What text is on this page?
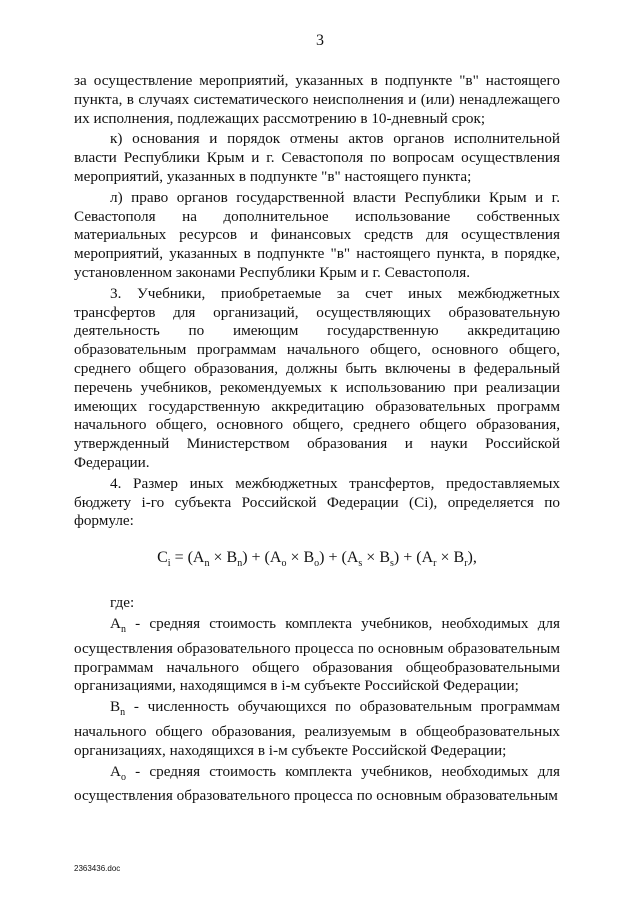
3

за осуществление мероприятий, указанных в подпункте "в" настоящего пункта, в случаях систематического неисполнения и (или) ненадлежащего их исполнения, подлежащих рассмотрению в 10-дневный срок;

к) основания и порядок отмены актов органов исполнительной власти Республики Крым и г. Севастополя по вопросам осуществления мероприятий, указанных в подпункте "в" настоящего пункта;

л) право органов государственной власти Республики Крым и г. Севастополя на дополнительное использование собственных материальных ресурсов и финансовых средств для осуществления мероприятий, указанных в подпункте "в" настоящего пункта, в порядке, установленном законами Республики Крым и г. Севастополя.

3. Учебники, приобретаемые за счет иных межбюджетных трансфертов для организаций, осуществляющих образовательную деятельность по имеющим государственную аккредитацию образовательным программам начального общего, основного общего, среднего общего образования, должны быть включены в федеральный перечень учебников, рекомендуемых к использованию при реализации имеющих государственную аккредитацию образовательных программ начального общего, основного общего, среднего общего образования, утвержденный Министерством образования и науки Российской Федерации.

4. Размер иных межбюджетных трансфертов, предоставляемых бюджету i-го субъекта Российской Федерации (Ci), определяется по формуле:

$C_i = (A_n \times B_n) + (A_o \times B_o) + (A_s \times B_s) + (A_r \times B_r)$,

где:

$A_n$ - средняя стоимость комплекта учебников, необходимых для осуществления образовательного процесса по основным образовательным программам начального общего образования общеобразовательными организациями, находящимся в i-м субъекте Российской Федерации;

$B_n$ - численность обучающихся по образовательным программам начального общего образования, реализуемым в общеобразовательных организациях, находящихся в i-м субъекте Российской Федерации;

$A_o$ - средняя стоимость комплекта учебников, необходимых для осуществления образовательного процесса по основным образовательным

2363436.doc
